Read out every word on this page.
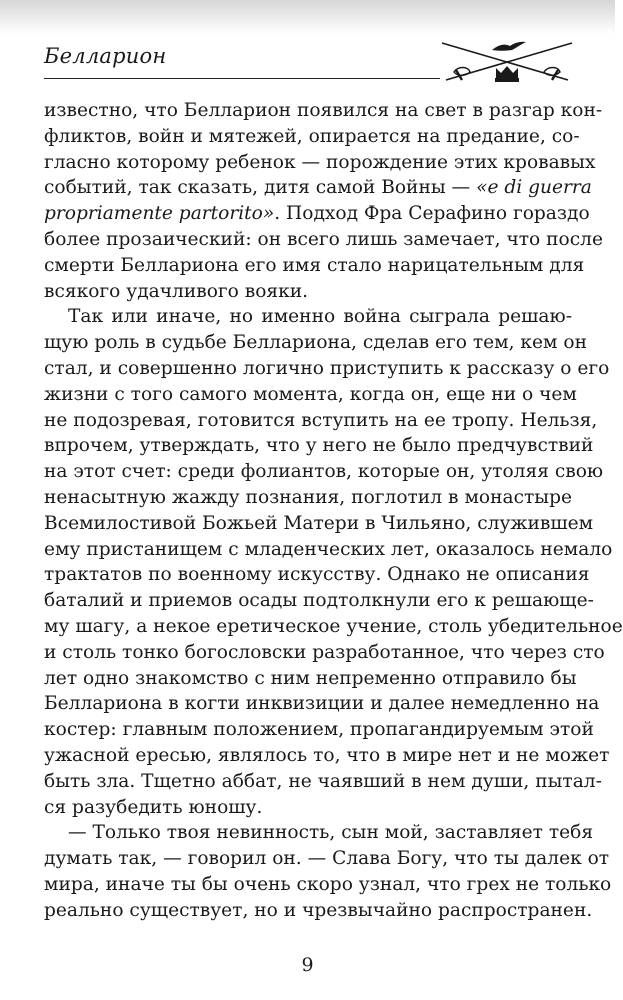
Белларион
известно, что Белларион появился на свет в разгар кон-
фликтов, войн и мятежей, опирается на предание, со-
гласно которому ребенок — порождение этих кровавых
событий, так сказать, дитя самой Войны — «e di guerra
propriamente partorito». Подход Фра Серафино гораздо
более прозаический: он всего лишь замечает, что после
смерти Беллариона его имя стало нарицательным для
всякого удачливого вояки.
Так или иначе, но именно война сыграла решаю-
щую роль в судьбе Беллариона, сделав его тем, кем он
стал, и совершенно логично приступить к рассказу о его
жизни с того самого момента, когда он, еще ни о чем
не подозревая, готовится вступить на ее тропу. Нельзя,
впрочем, утверждать, что у него не было предчувствий
на этот счет: среди фолиантов, которые он, утоляя свою
ненасытную жажду познания, поглотил в монастыре
Всемилостивой Божьей Матери в Чильяно, служившем
ему пристанищем с младенческих лет, оказалось немало
трактатов по военному искусству. Однако не описания
баталий и приемов осады подтолкнули его к решающе-
му шагу, а некое еретическое учение, столь убедительное
и столь тонко богословски разработанное, что через сто
лет одно знакомство с ним непременно отправило бы
Беллариона в когти инквизиции и далее немедленно на
костер: главным положением, пропагандируемым этой
ужасной ересью, являлось то, что в мире нет и не может
быть зла. Тщетно аббат, не чаявший в нем души, пытал-
ся разубедить юношу.
— Только твоя невинность, сын мой, заставляет тебя
думать так, — говорил он. — Слава Богу, что ты далек от
мира, иначе ты бы очень скоро узнал, что грех не только
реально существует, но и чрезвычайно распространен.
9
